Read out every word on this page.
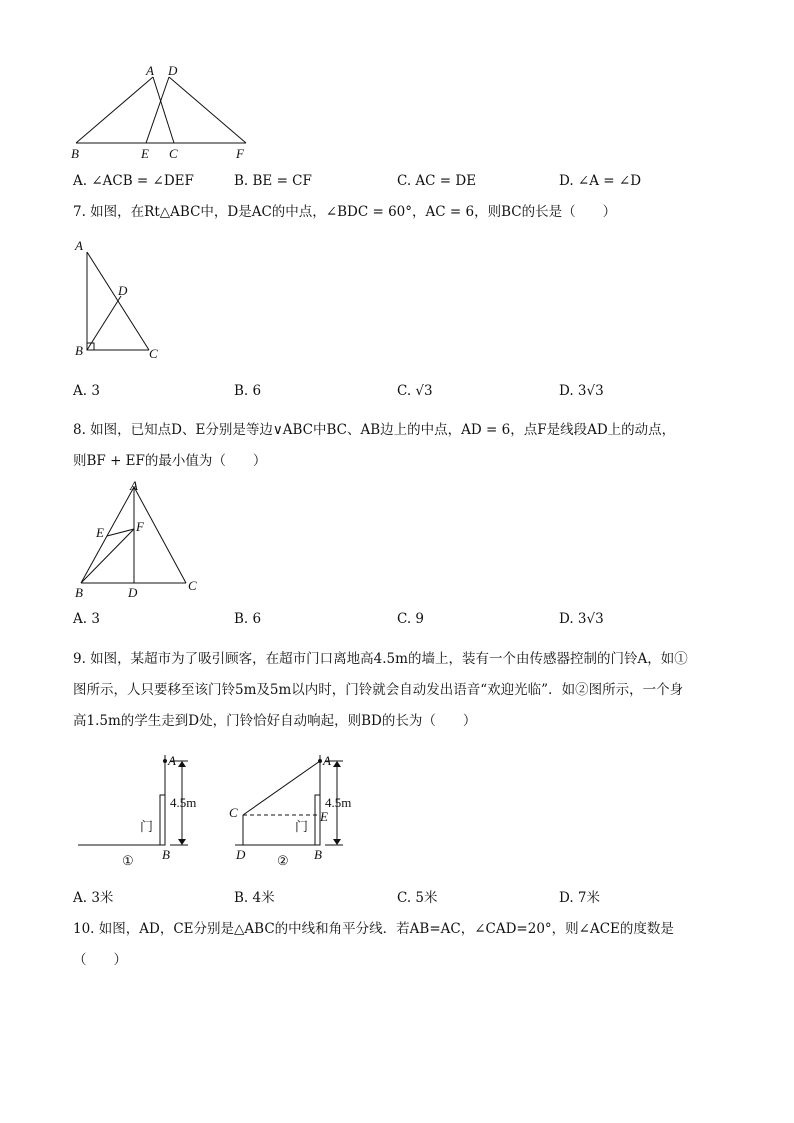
A D
B	E C	F
A. ∠ACB = ∠DEF	B. BE = CF	C. AC = DE	D. ∠A = ∠D
7. 如图，在Rt△ABC中，D是AC的中点，∠BDC = 60°，AC = 6，则BC的长是（　　）
A
D
B	C
A. 3	B. 6	C. √3	D. 3√3
8. 如图，已知点D、E分别是等边∨ABC中BC、AB边上的中点，AD = 6，点F是线段AD上的动点，
则BF + EF的最小值为（　　）
A
E F
B	D	C
A. 3	B. 6	C. 9	D. 3√3
9. 如图，某超市为了吸引顾客，在超市门口离地高4.5m的墙上，装有一个由传感器控制的门铃A，如①
图所示，人只要移至该门铃5m及5m以内时，门铃就会自动发出语音“欢迎光临”．如②图所示，一个身
高1.5m的学生走到D处，门铃恰好自动响起，则BD的长为（　　）
A
4.5m
门
B
①
A
C	E
4.5m
门
D	B
②
A. 3米	B. 4米	C. 5米	D. 7米
10. 如图，AD，CE分别是△ABC的中线和角平分线．若AB=AC，∠CAD=20°，则∠ACE的度数是
（　　）
